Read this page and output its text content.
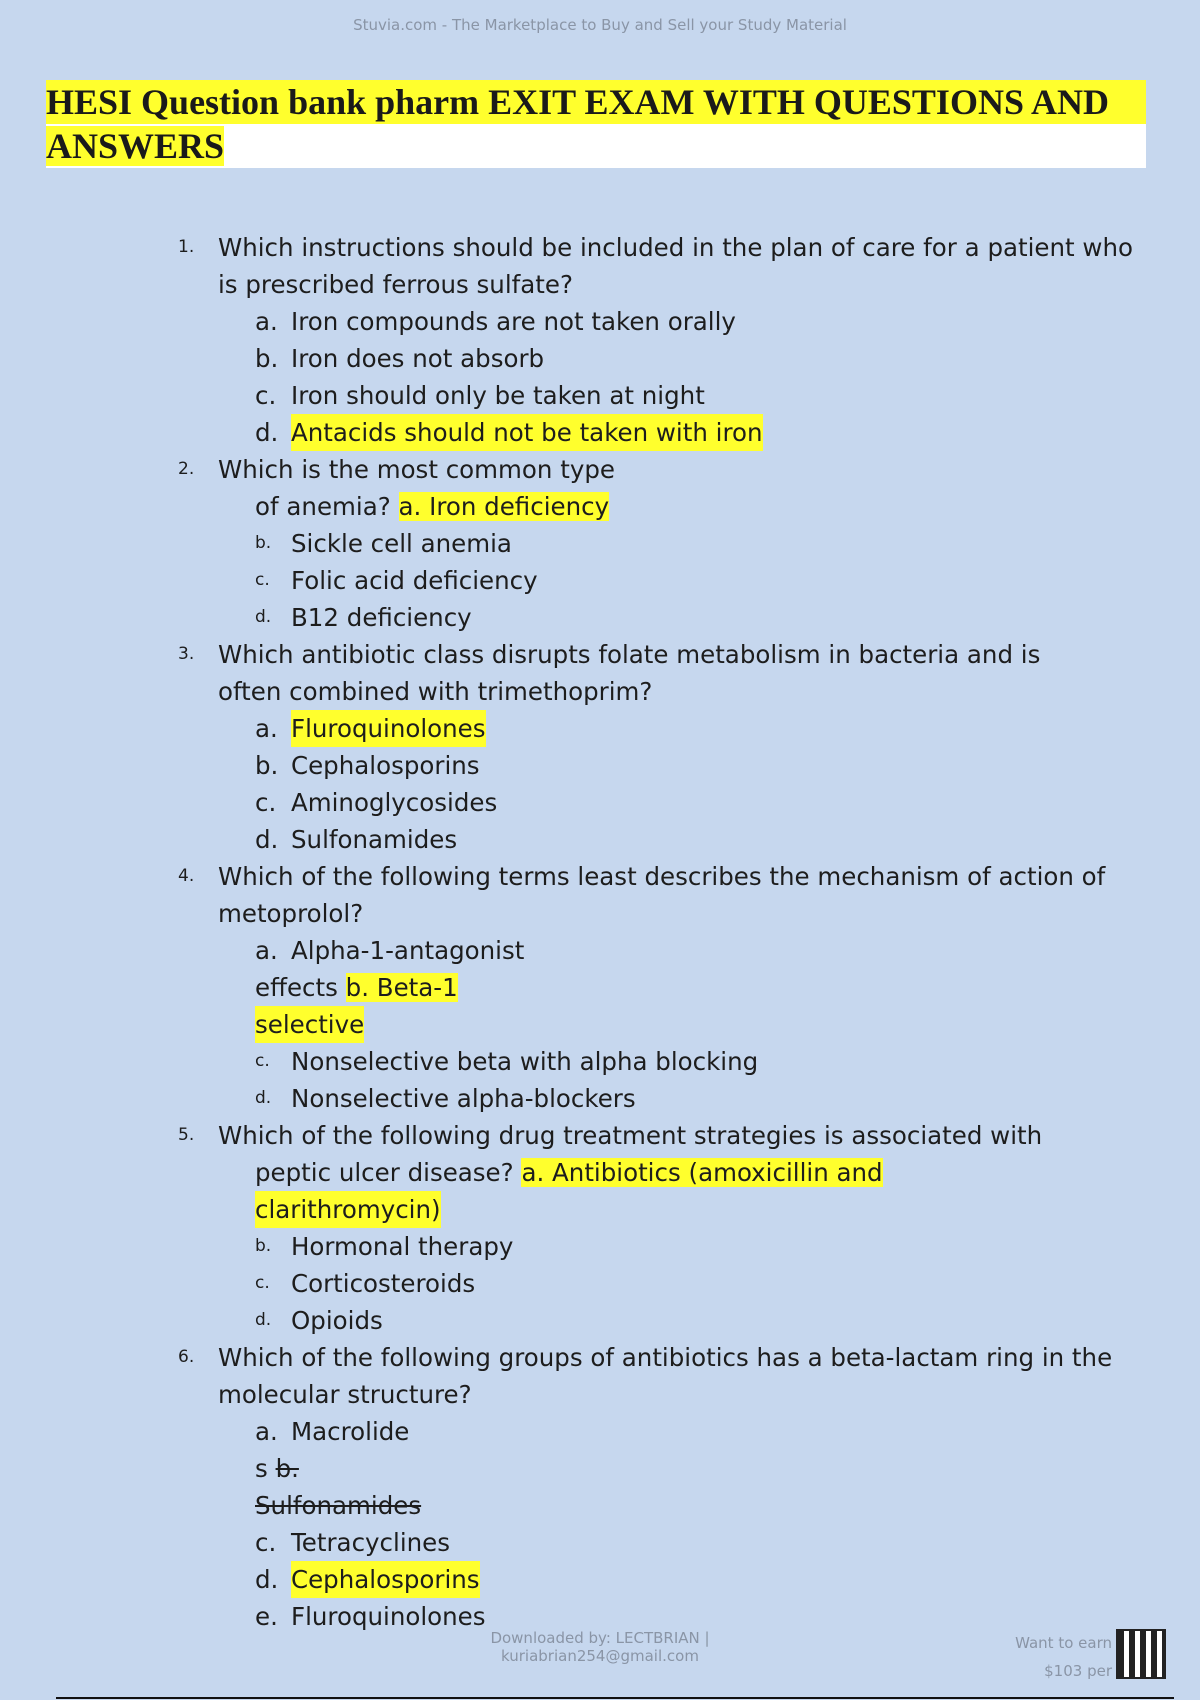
Stuvia.com - The Marketplace to Buy and Sell your Study Material
HESI Question bank pharm EXIT EXAM WITH QUESTIONS AND
ANSWERS
1. Which instructions should be included in the plan of care for a patient who
is prescribed ferrous sulfate?
a. Iron compounds are not taken orally
b. Iron does not absorb
c. Iron should only be taken at night
d. Antacids should not be taken with iron
2. Which is the most common type
of anemia? a. Iron deficiency
b. Sickle cell anemia
c. Folic acid deficiency
d. B12 deficiency
3. Which antibiotic class disrupts folate metabolism in bacteria and is
often combined with trimethoprim?
a. Fluroquinolones
b. Cephalosporins
c. Aminoglycosides
d. Sulfonamides
4. Which of the following terms least describes the mechanism of action of
metoprolol?
a. Alpha-1-antagonist
effects b. Beta-1
selective
c. Nonselective beta with alpha blocking
d. Nonselective alpha-blockers
5. Which of the following drug treatment strategies is associated with
peptic ulcer disease? a. Antibiotics (amoxicillin and
clarithromycin)
b. Hormonal therapy
c. Corticosteroids
d. Opioids
6. Which of the following groups of antibiotics has a beta-lactam ring in the
molecular structure?
a. Macrolide
s b.
Sulfonamides
c. Tetracyclines
d. Cephalosporins
e. Fluroquinolones
Downloaded by: LECTBRIAN |
kuriabrian254@gmail.com
Want to earn
$103 per
